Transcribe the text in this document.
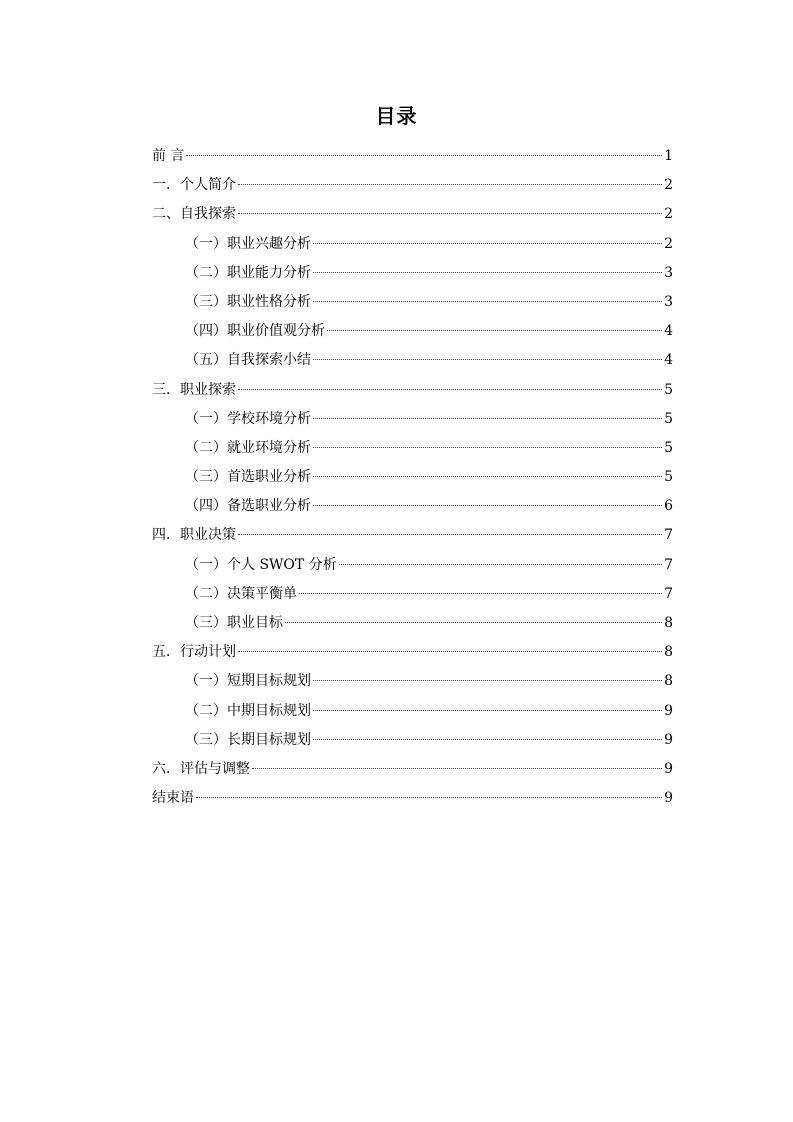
目录
前 言	1
一．个人简介	2
二、自我探索	2
（一）职业兴趣分析	2
（二）职业能力分析	3
（三）职业性格分析	3
（四）职业价值观分析	4
（五）自我探索小结	4
三．职业探索	5
（一）学校环境分析	5
（二）就业环境分析	5
（三）首选职业分析	5
（四）备选职业分析	6
四．职业决策	7
（一）个人 SWOT 分析	7
（二）决策平衡单	7
（三）职业目标	8
五．行动计划	8
（一）短期目标规划	8
（二）中期目标规划	9
（三）长期目标规划	9
六．评估与调整	9
结束语	9
